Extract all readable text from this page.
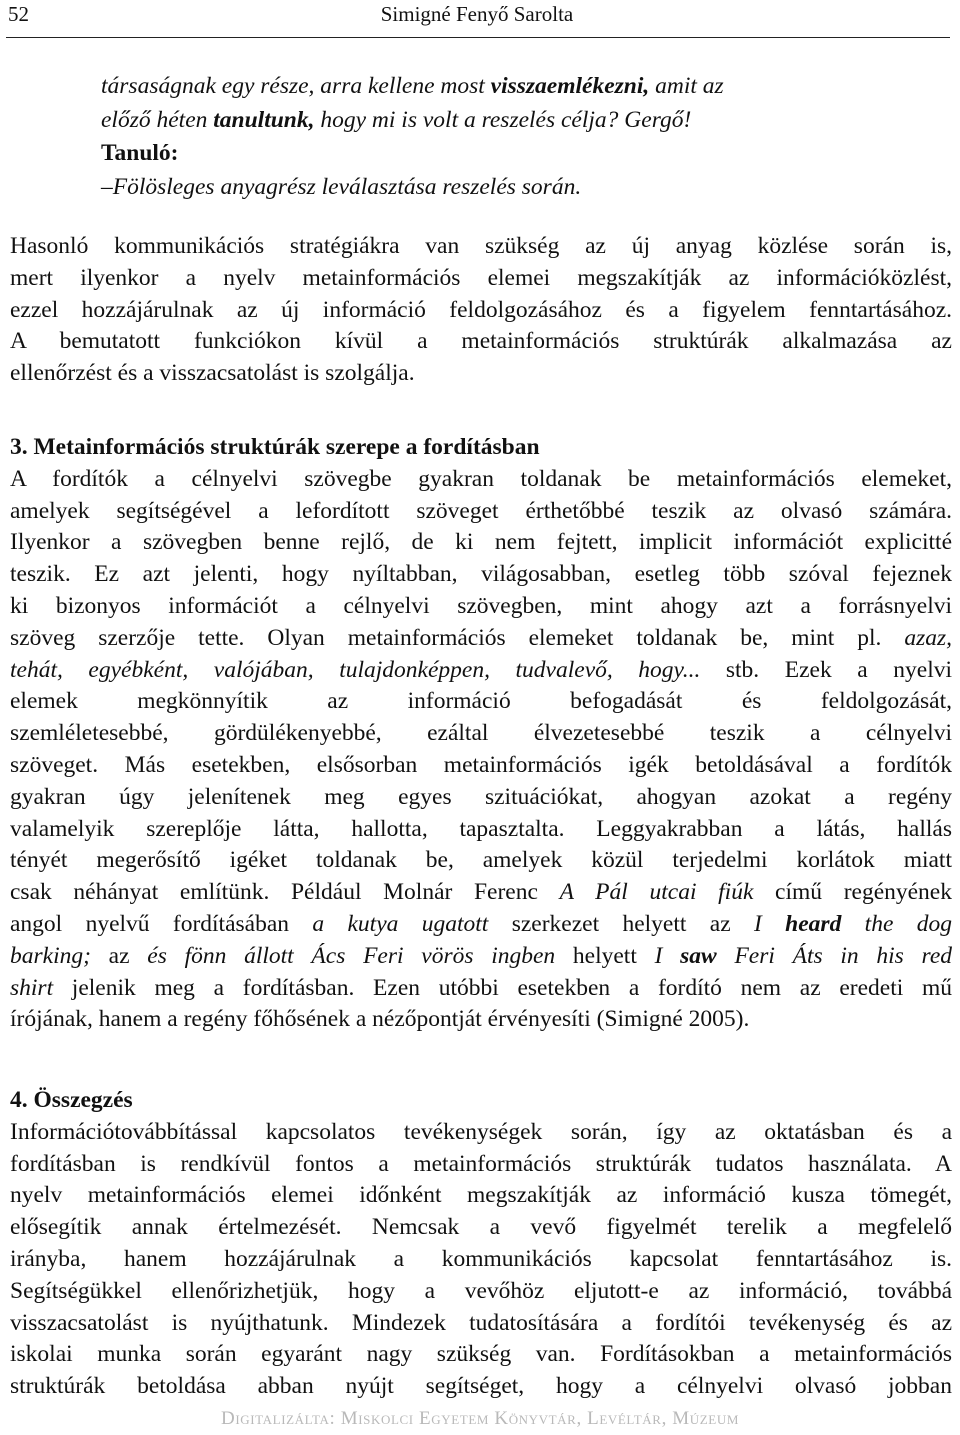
52	Simigné Fenyő Sarolta
társaságnak egy része, arra kellene most visszaemlékezni, amit az
előző héten tanultunk, hogy mi is volt a reszelés célja? Gergő!
Tanuló:
–Fölösleges anyagrész leválasztása reszelés során.
Hasonló kommunikációs stratégiákra van szükség az új anyag közlése során is,
mert ilyenkor a nyelv metainformációs elemei megszakítják az információközlést,
ezzel hozzájárulnak az új információ feldolgozásához és a figyelem fenntartásához.
A bemutatott funkciókon kívül a metainformációs struktúrák alkalmazása az
ellenőrzést és a visszacsatolást is szolgálja.
3. Metainformációs struktúrák szerepe a fordításban
A fordítók a célnyelvi szövegbe gyakran toldanak be metainformációs elemeket,
amelyek segítségével a lefordított szöveget érthetőbbé teszik az olvasó számára.
Ilyenkor a szövegben benne rejlő, de ki nem fejtett, implicit információt explicitté
teszik. Ez azt jelenti, hogy nyíltabban, világosabban, esetleg több szóval fejeznek
ki bizonyos információt a célnyelvi szövegben, mint ahogy azt a forrásnyelvi
szöveg szerzője tette. Olyan metainformációs elemeket toldanak be, mint pl. azaz,
tehát, egyébként, valójában, tulajdonképpen, tudvalevő, hogy... stb. Ezek a nyelvi
elemek megkönnyítik az információ befogadását és feldolgozását,
szemléletesebbé, gördülékenyebbé, ezáltal élvezetesebbé teszik a célnyelvi
szöveget. Más esetekben, elsősorban metainformációs igék betoldásával a fordítók
gyakran úgy jelenítenek meg egyes szituációkat, ahogyan azokat a regény
valamelyik szereplője látta, hallotta, tapasztalta. Leggyakrabban a látás, hallás
tényét megerősítő igéket toldanak be, amelyek közül terjedelmi korlátok miatt
csak néhányat említünk. Például Molnár Ferenc A Pál utcai fiúk című regényének
angol nyelvű fordításában a kutya ugatott szerkezet helyett az I heard the dog
barking; az és fönn állott Ács Feri vörös ingben helyett I saw Feri Áts in his red
shirt jelenik meg a fordításban. Ezen utóbbi esetekben a fordító nem az eredeti mű
írójának, hanem a regény főhősének a nézőpontját érvényesíti (Simigné 2005).
4. Összegzés
Információtovábbítással kapcsolatos tevékenységek során, így az oktatásban és a
fordításban is rendkívül fontos a metainformációs struktúrák tudatos használata. A
nyelv metainformációs elemei időnként megszakítják az információ kusza tömegét,
elősegítik annak értelmezését. Nemcsak a vevő figyelmét terelik a megfelelő
irányba, hanem hozzájárulnak a kommunikációs kapcsolat fenntartásához is.
Segítségükkel ellenőrizhetjük, hogy a vevőhöz eljutott-e az információ, továbbá
visszacsatolást is nyújthatunk. Mindezek tudatosítására a fordítói tevékenység és az
iskolai munka során egyaránt nagy szükség van. Fordításokban a metainformációs
struktúrák betoldása abban nyújt segítséget, hogy a célnyelvi olvasó jobban
Digitalizálta: Miskolci Egyetem Könyvtár, Levéltár, Múzeum
